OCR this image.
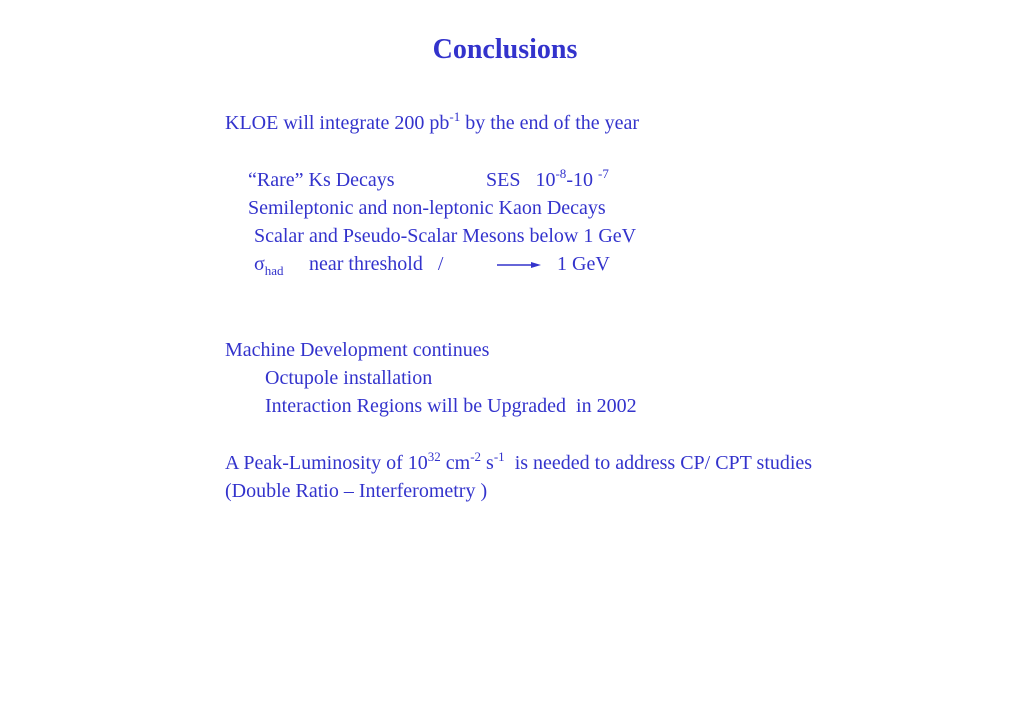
Conclusions
KLOE will integrate 200 $pb^{-1}$ by the end of the year
“Rare” Ks Decays	SES   $10^{-8}-10$ $^{-7}$
Semileptonic and non-leptonic Kaon Decays
Scalar and Pseudo-Scalar Mesons below 1 GeV
$\sigma_{had}$ near threshold   /	1 GeV
Machine Development continues
Octupole installation
Interaction Regions will be Upgraded  in 2002
A Peak-Luminosity of $10^{32}$ $cm^{-2}$ $s^{-1}$  is needed to address CP/ CPT studies
(Double Ratio – Interferometry )
